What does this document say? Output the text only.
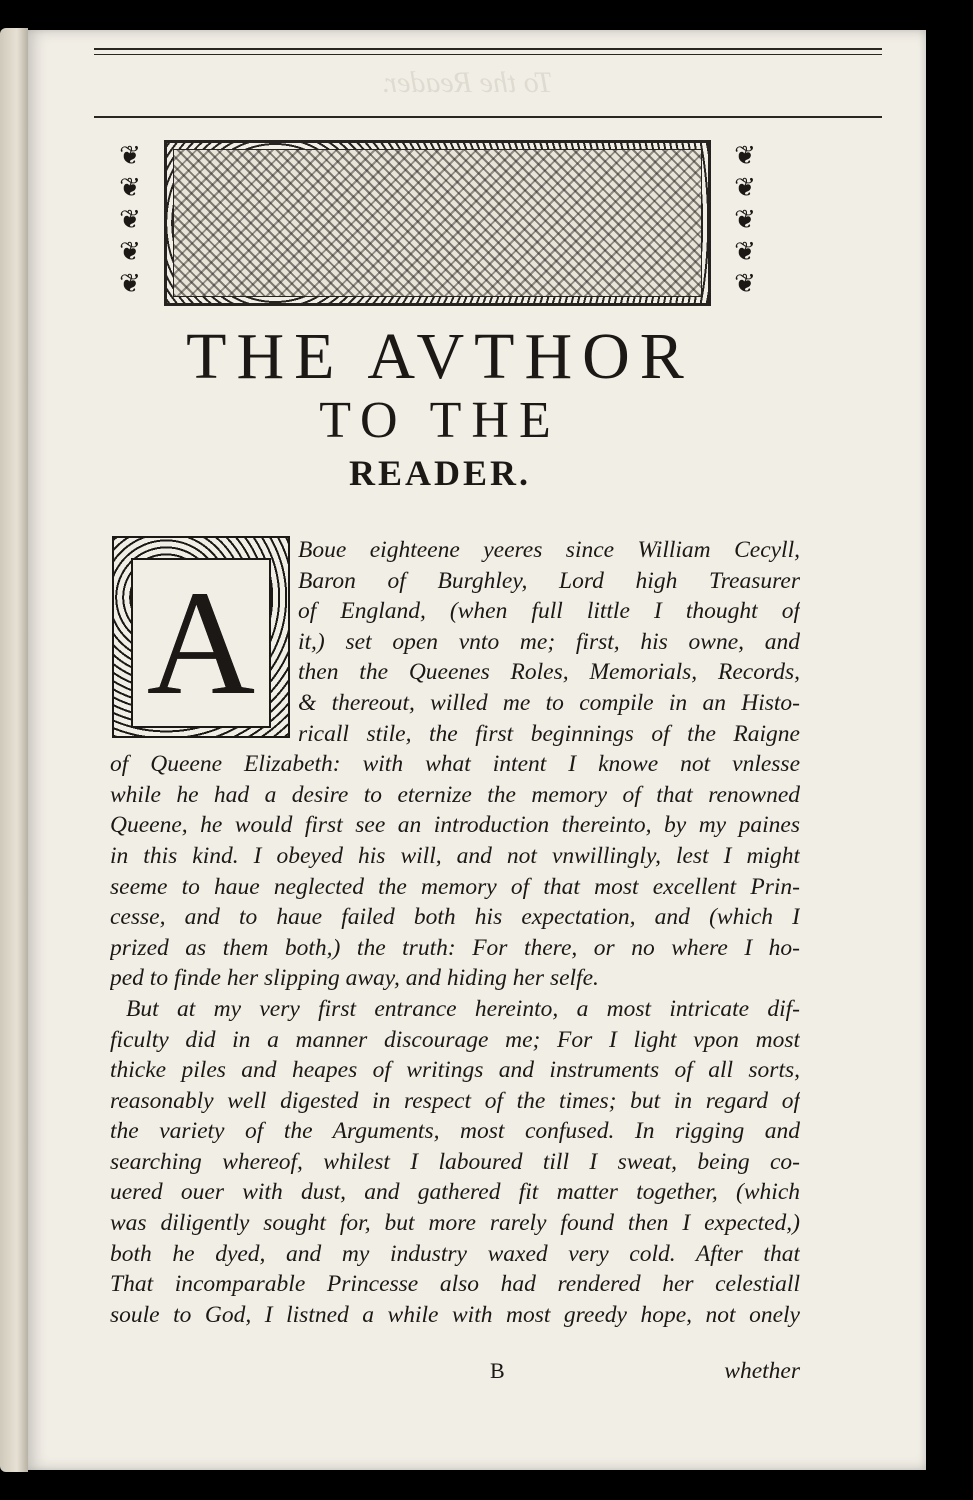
To the Reader.
❦
❦
❦
❦
❦
❦
❦
❦
❦
❦
THE AVTHOR
TO THE
READER.
A
Boue eighteene yeeres since William Cecyll,
Baron of Burghley, Lord high Treasurer
of England, (when full little I thought of
it,) set open vnto me; first, his owne, and
then the Queenes Roles, Memorials, Records,
& thereout, willed me to compile in an Histo-
ricall stile, the first beginnings of the Raigne
of Queene Elizabeth: with what intent I knowe not vnlesse
while he had a desire to eternize the memory of that renowned
Queene, he would first see an introduction thereinto, by my paines
in this kind. I obeyed his will, and not vnwillingly, lest I might
seeme to haue neglected the memory of that most excellent Prin-
cesse, and to haue failed both his expectation, and (which I
prized as them both,) the truth: For there, or no where I ho-
ped to finde her slipping away, and hiding her selfe.
But at my very first entrance hereinto, a most intricate dif-
ficulty did in a manner discourage me; For I light vpon most
thicke piles and heapes of writings and instruments of all sorts,
reasonably well digested in respect of the times; but in regard of
the variety of the Arguments, most confused. In rigging and
searching whereof, whilest I laboured till I sweat, being co-
uered ouer with dust, and gathered fit matter together, (which
was diligently sought for, but more rarely found then I expected,)
both he dyed, and my industry waxed very cold. After that
That incomparable Princesse also had rendered her celestiall
soule to God, I listned a while with most greedy hope, not onely
B	whether
